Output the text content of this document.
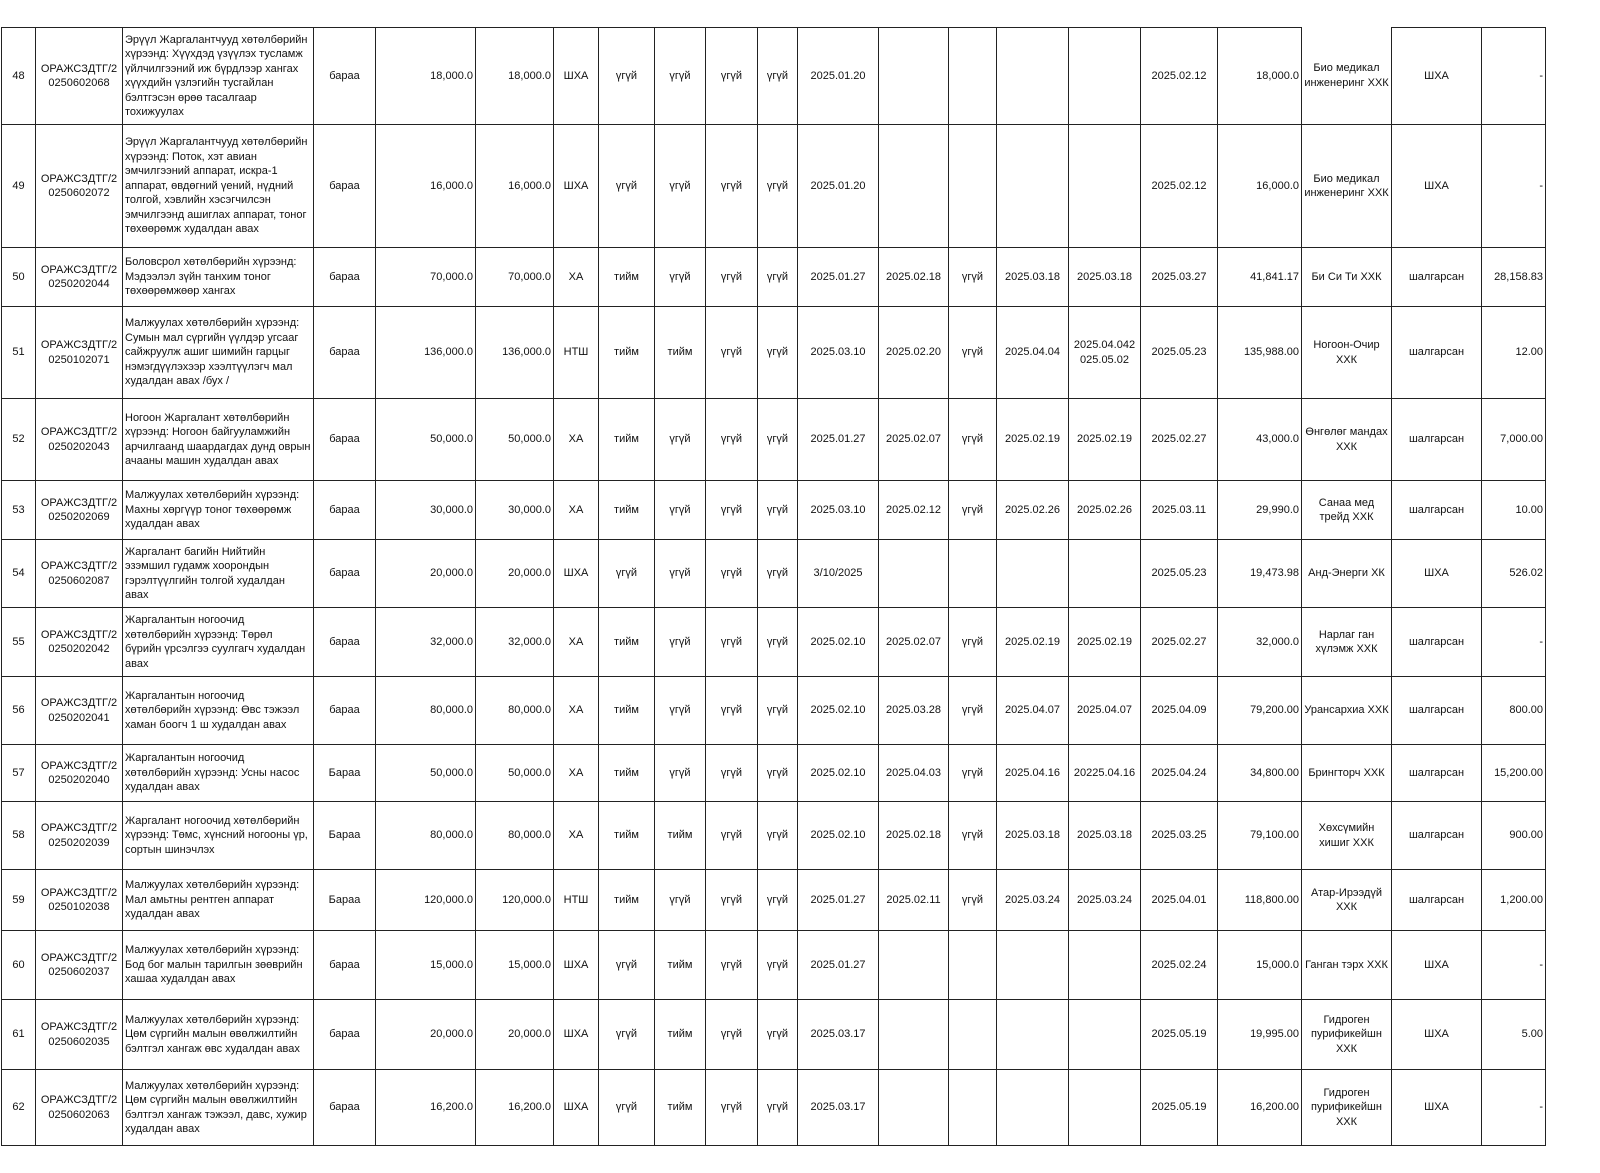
48	ОРАЖСЗДТГ/2 0250602068	Эрүүл Жаргалантчууд хөтөлбөрийн хүрээнд: Хүүхдэд үзүүлэх тусламж үйлчилгээний иж бүрдлээр хангах хүүхдийн үзлэгийн тусгайлан бэлтгэсэн өрөө тасалгаар тохижуулах	бараа	18,000.0	18,000.0	ШХА	үгүй	үгүй	үгүй	үгүй	2025.01.20					2025.02.12	18,000.0	Био медикал инженеринг ХХК	ШХА	-
49	ОРАЖСЗДТГ/2 0250602072	Эрүүл Жаргалантчууд хөтөлбөрийн хүрээнд: Поток, хэт авиан эмчилгээний аппарат, искра-1 аппарат, өвдөгний үений, нүдний толгой, хэвлийн хэсэгчилсэн эмчилгээнд ашиглах аппарат, тоног төхөөрөмж худалдан авах	бараа	16,000.0	16,000.0	ШХА	үгүй	үгүй	үгүй	үгүй	2025.01.20					2025.02.12	16,000.0	Био медикал инженеринг ХХК	ШХА	-
50	ОРАЖСЗДТГ/2 0250202044	Боловсрол хөтөлбөрийн хүрээнд: Мэдээлэл зүйн танхим тоног төхөөрөмжөөр хангах	бараа	70,000.0	70,000.0	ХА	тийм	үгүй	үгүй	үгүй	2025.01.27	2025.02.18	үгүй	2025.03.18	2025.03.18	2025.03.27	41,841.17	Би Си Ти ХХК	шалгарсан	28,158.83
51	ОРАЖСЗДТГ/2 0250102071	Малжуулах хөтөлбөрийн хүрээнд: Сумын мал сүргийн үүлдэр угсааг сайжруулж ашиг шимийн гарцыг нэмэгдүүлэхээр хээлтүүлэгч мал худалдан авах /бух /	бараа	136,000.0	136,000.0	НТШ	тийм	тийм	үгүй	үгүй	2025.03.10	2025.02.20	үгүй	2025.04.04	2025.04.042 025.05.02	2025.05.23	135,988.00	Ногоон-Очир ХХК	шалгарсан	12.00
52	ОРАЖСЗДТГ/2 0250202043	Ногоон Жаргалант хөтөлбөрийн хүрээнд: Ногоон байгууламжийн арчилгаанд шаардагдах дунд оврын ачааны машин худалдан авах	бараа	50,000.0	50,000.0	ХА	тийм	үгүй	үгүй	үгүй	2025.01.27	2025.02.07	үгүй	2025.02.19	2025.02.19	2025.02.27	43,000.0	Өнгөлөг мандах ХХК	шалгарсан	7,000.00
53	ОРАЖСЗДТГ/2 0250202069	Малжуулах хөтөлбөрийн хүрээнд: Махны хөргүүр тоног төхөөрөмж худалдан авах	бараа	30,000.0	30,000.0	ХА	тийм	үгүй	үгүй	үгүй	2025.03.10	2025.02.12	үгүй	2025.02.26	2025.02.26	2025.03.11	29,990.0	Санаа мед трейд ХХК	шалгарсан	10.00
54	ОРАЖСЗДТГ/2 0250602087	Жаргалант багийн Нийтийн эзэмшил гудамж хоорондын гэрэлтүүлгийн толгой худалдан авах	бараа	20,000.0	20,000.0	ШХА	үгүй	үгүй	үгүй	үгүй	3/10/2025					2025.05.23	19,473.98	Анд-Энерги ХК	ШХА	526.02
55	ОРАЖСЗДТГ/2 0250202042	Жаргалантын ногоочид хөтөлбөрийн хүрээнд: Төрөл бүрийн үрсэлгээ суулгагч худалдан авах	бараа	32,000.0	32,000.0	ХА	тийм	үгүй	үгүй	үгүй	2025.02.10	2025.02.07	үгүй	2025.02.19	2025.02.19	2025.02.27	32,000.0	Нарлаг ган хүлэмж ХХК	шалгарсан	-
56	ОРАЖСЗДТГ/2 0250202041	Жаргалантын ногоочид хөтөлбөрийн хүрээнд: Өвс тэжээл хаман боогч 1 ш худалдан авах	бараа	80,000.0	80,000.0	ХА	тийм	үгүй	үгүй	үгүй	2025.02.10	2025.03.28	үгүй	2025.04.07	2025.04.07	2025.04.09	79,200.00	Урансархиа ХХК	шалгарсан	800.00
57	ОРАЖСЗДТГ/2 0250202040	Жаргалантын ногоочид хөтөлбөрийн хүрээнд: Усны насос худалдан авах	Бараа	50,000.0	50,000.0	ХА	тийм	үгүй	үгүй	үгүй	2025.02.10	2025.04.03	үгүй	2025.04.16	20225.04.16	2025.04.24	34,800.00	Брингторч ХХК	шалгарсан	15,200.00
58	ОРАЖСЗДТГ/2 0250202039	Жаргалант ногоочид хөтөлбөрийн хүрээнд: Төмс, хүнсний ногооны үр, сортын шинэчлэх	Бараа	80,000.0	80,000.0	ХА	тийм	тийм	үгүй	үгүй	2025.02.10	2025.02.18	үгүй	2025.03.18	2025.03.18	2025.03.25	79,100.00	Хөхсүмийн хишиг ХХК	шалгарсан	900.00
59	ОРАЖСЗДТГ/2 0250102038	Малжуулах хөтөлбөрийн хүрээнд: Мал амьтны рентген аппарат худалдан авах	Бараа	120,000.0	120,000.0	НТШ	тийм	үгүй	үгүй	үгүй	2025.01.27	2025.02.11	үгүй	2025.03.24	2025.03.24	2025.04.01	118,800.00	Атар-Ирээдүй ХХК	шалгарсан	1,200.00
60	ОРАЖСЗДТГ/2 0250602037	Малжуулах хөтөлбөрийн хүрээнд: Бод бог малын тарилгын зөөврийн хашаа худалдан авах	бараа	15,000.0	15,000.0	ШХА	үгүй	тийм	үгүй	үгүй	2025.01.27					2025.02.24	15,000.0	Ганган тэрх ХХК	ШХА	-
61	ОРАЖСЗДТГ/2 0250602035	Малжуулах хөтөлбөрийн хүрээнд: Цөм сүргийн малын өвөлжилтийн бэлтгэл хангаж өвс худалдан авах	бараа	20,000.0	20,000.0	ШХА	үгүй	тийм	үгүй	үгүй	2025.03.17					2025.05.19	19,995.00	Гидроген пурификейшн ХХК	ШХА	5.00
62	ОРАЖСЗДТГ/2 0250602063	Малжуулах хөтөлбөрийн хүрээнд: Цөм сүргийн малын өвөлжилтийн бэлтгэл хангаж тэжээл, давс, хужир худалдан авах	бараа	16,200.0	16,200.0	ШХА	үгүй	тийм	үгүй	үгүй	2025.03.17					2025.05.19	16,200.00	Гидроген пурификейшн ХХК	ШХА	-
